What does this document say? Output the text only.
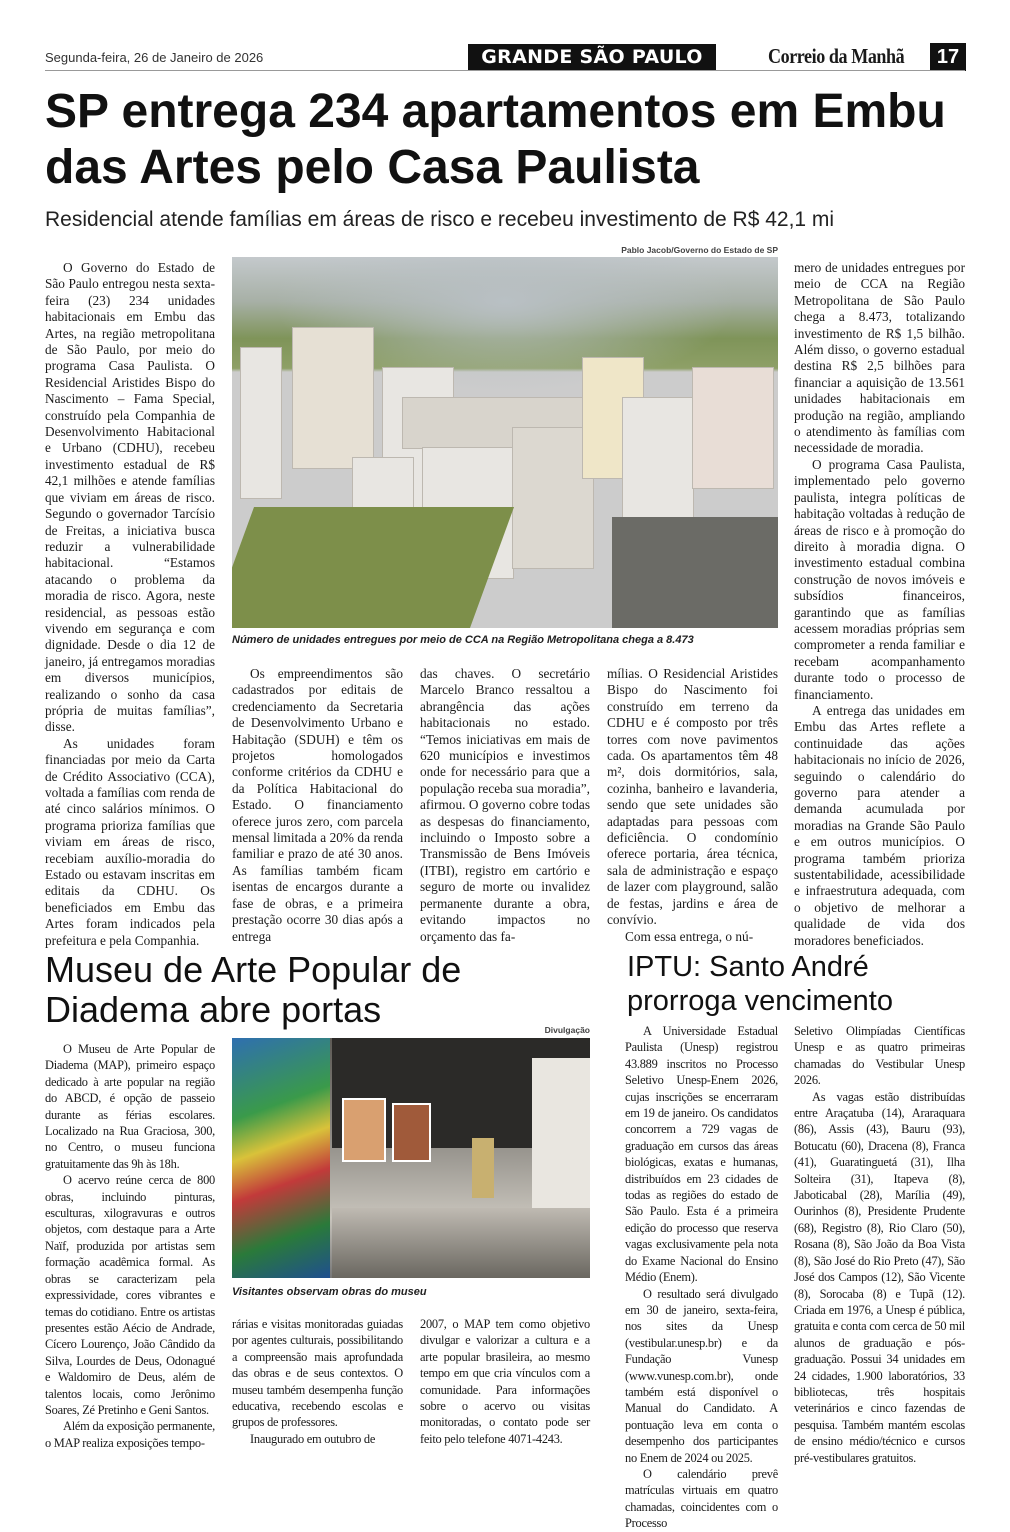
Segunda-feira, 26 de Janeiro de 2026	GRANDE SÃO PAULO	Correio da Manhã	17
SP entrega 234 apartamentos em Embu das Artes pelo Casa Paulista
Residencial atende famílias em áreas de risco e recebeu investimento de R$ 42,1 mi
Pablo Jacob/Governo do Estado de SP
Número de unidades entregues por meio de CCA na Região Metropolitana chega a 8.473

O Governo do Estado de São Paulo entregou nesta sexta-feira (23) 234 unidades habitacionais em Embu das Artes, na região metropolitana de São Paulo, por meio do programa Casa Paulista. O Residencial Aristides Bispo do Nascimento – Fama Special, construído pela Companhia de Desenvolvimento Habitacional e Urbano (CDHU), recebeu investimento estadual de R$ 42,1 milhões e atende famílias que viviam em áreas de risco. Segundo o governador Tarcísio de Freitas, a iniciativa busca reduzir a vulnerabilidade habitacional. “Estamos atacando o problema da moradia de risco. Agora, neste residencial, as pessoas estão vivendo em segurança e com dignidade. Desde o dia 12 de janeiro, já entregamos moradias em diversos municípios, realizando o sonho da casa própria de muitas famílias”, disse.

As unidades foram financiadas por meio da Carta de Crédito Associativo (CCA), voltada a famílias com renda de até cinco salários mínimos. O programa prioriza famílias que viviam em áreas de risco, recebiam auxílio-moradia do Estado ou estavam inscritas em editais da CDHU. Os beneficiados em Embu das Artes foram indicados pela prefeitura e pela Companhia.

Os empreendimentos são cadastrados por editais de credenciamento da Secretaria de Desenvolvimento Urbano e Habitação (SDUH) e têm os projetos homologados conforme critérios da CDHU e da Política Habitacional do Estado. O financiamento oferece juros zero, com parcela mensal limitada a 20% da renda familiar e prazo de até 30 anos. As famílias também ficam isentas de encargos durante a fase de obras, e a primeira prestação ocorre 30 dias após a entrega

das chaves. O secretário Marcelo Branco ressaltou a abrangência das ações habitacionais no estado. “Temos iniciativas em mais de 620 municípios e investimos onde for necessário para que a população receba sua moradia”, afirmou. O governo cobre todas as despesas do financiamento, incluindo o Imposto sobre a Transmissão de Bens Imóveis (ITBI), registro em cartório e seguro de morte ou invalidez permanente durante a obra, evitando impactos no orçamento das fa-

mílias. O Residencial Aristides Bispo do Nascimento foi construído em terreno da CDHU e é composto por três torres com nove pavimentos cada. Os apartamentos têm 48 m², dois dormitórios, sala, cozinha, banheiro e lavanderia, sendo que sete unidades são adaptadas para pessoas com deficiência. O condomínio oferece portaria, área técnica, sala de administração e espaço de lazer com playground, salão de festas, jardins e área de convívio.

Com essa entrega, o nú-

mero de unidades entregues por meio de CCA na Região Metropolitana de São Paulo chega a 8.473, totalizando investimento de R$ 1,5 bilhão. Além disso, o governo estadual destina R$ 2,5 bilhões para financiar a aquisição de 13.561 unidades habitacionais em produção na região, ampliando o atendimento às famílias com necessidade de moradia.

O programa Casa Paulista, implementado pelo governo paulista, integra políticas de habitação voltadas à redução de áreas de risco e à promoção do direito à moradia digna. O investimento estadual combina construção de novos imóveis e subsídios financeiros, garantindo que as famílias acessem moradias próprias sem comprometer a renda familiar e recebam acompanhamento durante todo o processo de financiamento.

A entrega das unidades em Embu das Artes reflete a continuidade das ações habitacionais no início de 2026, seguindo o calendário do governo para atender a demanda acumulada por moradias na Grande São Paulo e em outros municípios. O programa também prioriza sustentabilidade, acessibilidade e infraestrutura adequada, com o objetivo de melhorar a qualidade de vida dos moradores beneficiados.

Museu de Arte Popular de Diadema abre portas	Divulgação
Visitantes observam obras do museu

O Museu de Arte Popular de Diadema (MAP), primeiro espaço dedicado à arte popular na região do ABCD, é opção de passeio durante as férias escolares. Localizado na Rua Graciosa, 300, no Centro, o museu funciona gratuitamente das 9h às 18h.

O acervo reúne cerca de 800 obras, incluindo pinturas, esculturas, xilogravuras e outros objetos, com destaque para a Arte Naïf, produzida por artistas sem formação acadêmica formal. As obras se caracterizam pela expressividade, cores vibrantes e temas do cotidiano. Entre os artistas presentes estão Aécio de Andrade, Cícero Lourenço, João Cândido da Silva, Lourdes de Deus, Odonagué e Waldomiro de Deus, além de talentos locais, como Jerônimo Soares, Zé Pretinho e Geni Santos.

Além da exposição permanente, o MAP realiza exposições tempo-

rárias e visitas monitoradas guiadas por agentes culturais, possibilitando a compreensão mais aprofundada das obras e de seus contextos. O museu também desempenha função educativa, recebendo escolas e grupos de professores.

Inaugurado em outubro de

2007, o MAP tem como objetivo divulgar e valorizar a cultura e a arte popular brasileira, ao mesmo tempo em que cria vínculos com a comunidade. Para informações sobre o acervo ou visitas monitoradas, o contato pode ser feito pelo telefone 4071-4243.

IPTU: Santo André prorroga vencimento

A Universidade Estadual Paulista (Unesp) registrou 43.889 inscritos no Processo Seletivo Unesp-Enem 2026, cujas inscrições se encerraram em 19 de janeiro. Os candidatos concorrem a 729 vagas de graduação em cursos das áreas biológicas, exatas e humanas, distribuídos em 23 cidades de todas as regiões do estado de São Paulo. Esta é a primeira edição do processo que reserva vagas exclusivamente pela nota do Exame Nacional do Ensino Médio (Enem).

O resultado será divulgado em 30 de janeiro, sexta-feira, nos sites da Unesp (vestibular.unesp.br) e da Fundação Vunesp (www.vunesp.com.br), onde também está disponível o Manual do Candidato. A pontuação leva em conta o desempenho dos participantes no Enem de 2024 ou 2025.

O calendário prevê matrículas virtuais em quatro chamadas, coincidentes com o Processo

Seletivo Olimpíadas Científicas Unesp e as quatro primeiras chamadas do Vestibular Unesp 2026.

As vagas estão distribuídas entre Araçatuba (14), Araraquara (86), Assis (43), Bauru (93), Botucatu (60), Dracena (8), Franca (41), Guaratinguetá (31), Ilha Solteira (31), Itapeva (8), Jaboticabal (28), Marília (49), Ourinhos (8), Presidente Prudente (68), Registro (8), Rio Claro (50), Rosana (8), São João da Boa Vista (8), São José do Rio Preto (47), São José dos Campos (12), São Vicente (8), Sorocaba (8) e Tupã (12). Criada em 1976, a Unesp é pública, gratuita e conta com cerca de 50 mil alunos de graduação e pós-graduação. Possui 34 unidades em 24 cidades, 1.900 laboratórios, 33 bibliotecas, três hospitais veterinários e cinco fazendas de pesquisa. Também mantém escolas de ensino médio/técnico e cursos pré-vestibulares gratuitos.
